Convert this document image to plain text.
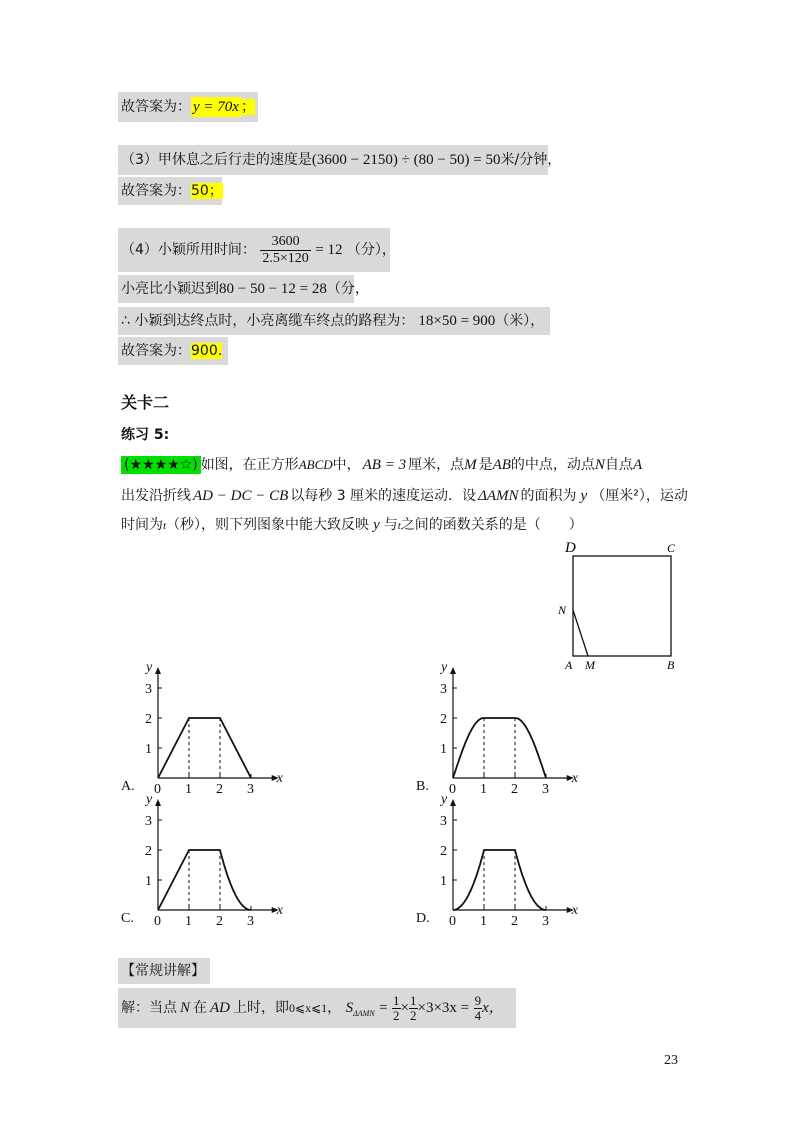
故答案为： y = 70x ；
（3）甲休息之后行走的速度是(3600 − 2150) ÷ (80 − 50) = 50米/分钟，
故答案为：50；
（4）小颖所用时间： $\frac{3600}{2.5\times 120} = 12$ （分），
小亮比小颖迟到80 − 50 − 12 = 28（分，
∴ 小颖到达终点时，小亮离缆车终点的路程为： 18×50 = 900（米），
故答案为：900.
关卡二
练习 5:
(★★★★☆) 如图，在正方形ABCD中， AB = 3 厘米，点M 是AB的中点，动点N自点A
出发沿折线 AD − DC − CB 以每秒 3 厘米的速度运动．设 ΔAMN 的面积为 y （厘米²），运动
时间为t（秒），则下列图象中能大致反映 y 与t之间的函数关系的是（　　）
D	C
N
A M	B
y
x
3
2
1
0 1 2 3
y
x
3
2
1
0 1 2 3
y
x
3
2
1
0 1 2 3
y
x
3
2
1
0 1 2 3
A.	B.
C.	D.
【常规讲解】
解：当点 N 在 AD 上时，即0⩽x⩽1， $S_{\Delta AMN} = \frac{1}{2} \times \frac{1}{2} \times 3\times 3x = \frac{9}{4}$ x，
23
